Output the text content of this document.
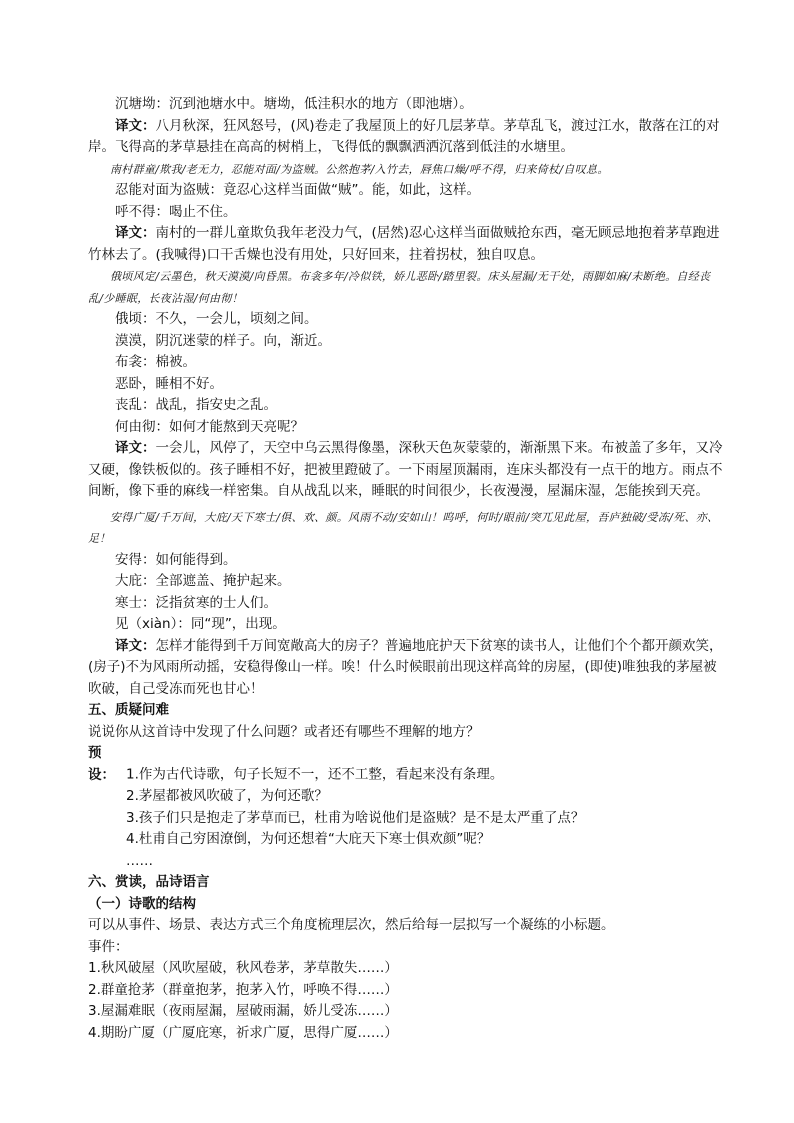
沉塘坳：沉到池塘水中。塘坳，低洼积水的地方（即池塘）。

译文：八月秋深，狂风怒号，(风)卷走了我屋顶上的好几层茅草。茅草乱飞，渡过江水，散落在江的对岸。飞得高的茅草悬挂在高高的树梢上，飞得低的飘飘洒洒沉落到低洼的水塘里。

南村群童/欺我/老无力，忍能对面/为盗贼。公然抱茅/入竹去，唇焦口燥/呼不得，归来倚杖/自叹息。

忍能对面为盗贼：竟忍心这样当面做“贼”。能，如此，这样。

呼不得：喝止不住。

译文：南村的一群儿童欺负我年老没力气，(居然)忍心这样当面做贼抢东西，毫无顾忌地抱着茅草跑进竹林去了。(我喊得)口干舌燥也没有用处，只好回来，拄着拐杖，独自叹息。

俄顷风定/云墨色，秋天漠漠/向昏黑。布衾多年/冷似铁，娇儿恶卧/踏里裂。床头屋漏/无干处，雨脚如麻/未断绝。自经丧乱/少睡眠，长夜沾湿/何由彻！

俄顷：不久，一会儿，顷刻之间。

漠漠，阴沉迷蒙的样子。向，渐近。

布衾：棉被。

恶卧，睡相不好。

丧乱：战乱，指安史之乱。

何由彻：如何才能熬到天亮呢？

译文：一会儿，风停了，天空中乌云黑得像墨，深秋天色灰蒙蒙的，渐渐黑下来。布被盖了多年，又冷又硬，像铁板似的。孩子睡相不好，把被里蹬破了。一下雨屋顶漏雨，连床头都没有一点干的地方。雨点不间断，像下垂的麻线一样密集。自从战乱以来，睡眠的时间很少，长夜漫漫，屋漏床湿，怎能挨到天亮。

安得广厦/千万间，大庇/天下寒士/俱、欢、颜。风雨不动/安如山！呜呼，何时/眼前/突兀见此屋，吾庐独破/受冻/死、亦、足！

安得：如何能得到。

大庇：全部遮盖、掩护起来。

寒士：泛指贫寒的士人们。

见（xiàn）：同“现”，出现。

译文：怎样才能得到千万间宽敞高大的房子？普遍地庇护天下贫寒的读书人，让他们个个都开颜欢笑，(房子)不为风雨所动摇，安稳得像山一样。唉！什么时候眼前出现这样高耸的房屋，(即使)唯独我的茅屋被吹破，自己受冻而死也甘心！

五、质疑问难

说说你从这首诗中发现了什么问题？或者还有哪些不理解的地方？

预设： 1.作为古代诗歌，句子长短不一，还不工整，看起来没有条理。

2.茅屋都被风吹破了，为何还歌？

3.孩子们只是抱走了茅草而已，杜甫为啥说他们是盗贼？是不是太严重了点？

4.杜甫自己穷困潦倒，为何还想着“大庇天下寒士俱欢颜”呢？

……

六、赏读，品诗语言

（一）诗歌的结构

可以从事件、场景、表达方式三个角度梳理层次，然后给每一层拟写一个凝练的小标题。

事件：

1.秋风破屋（风吹屋破，秋风卷茅，茅草散失……）

2.群童抢茅（群童抱茅，抱茅入竹，呼唤不得……）

3.屋漏难眠（夜雨屋漏，屋破雨漏，娇儿受冻……）

4.期盼广厦（广厦庇寒，祈求广厦，思得广厦……）
